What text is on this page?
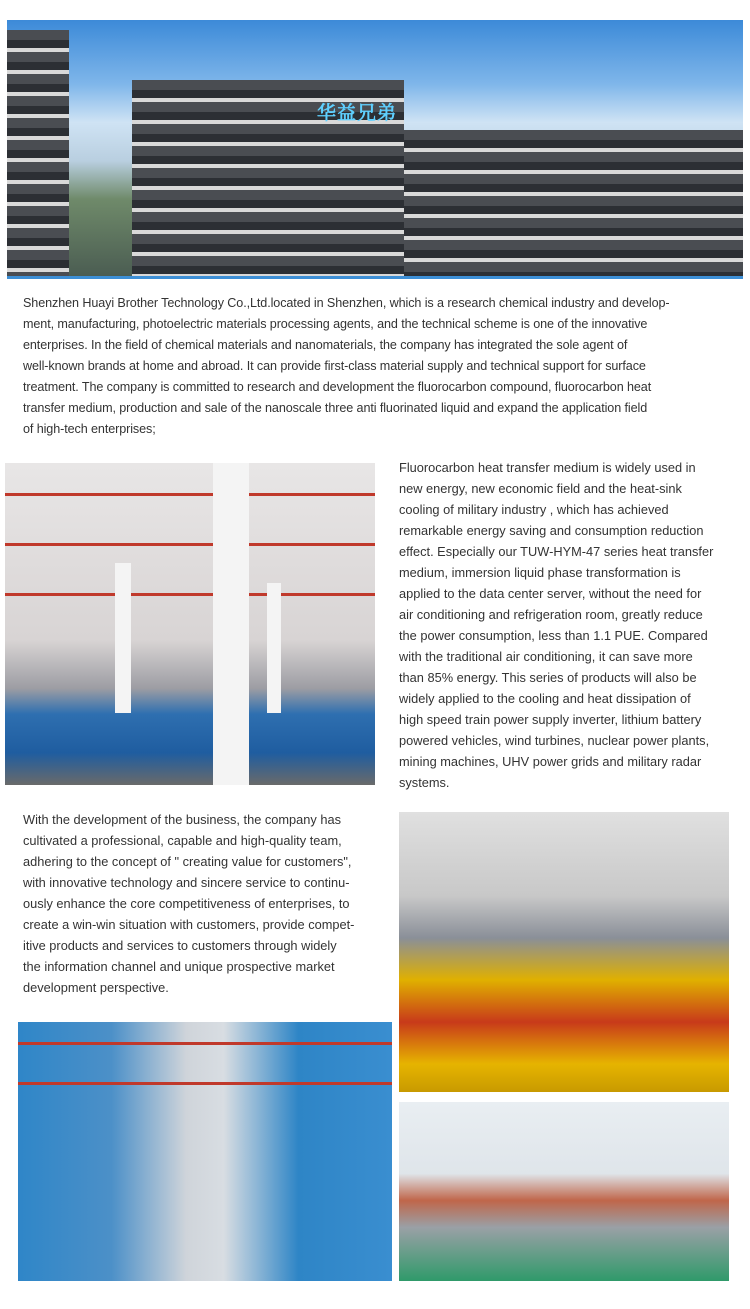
华益兄弟

Shenzhen Huayi Brother Technology Co.,Ltd.located in Shenzhen, which is a research chemical industry and develop-

ment, manufacturing, photoelectric materials processing agents, and the technical scheme is one of the innovative

enterprises. In the field of chemical materials and nanomaterials, the company has integrated the sole agent of

well-known brands at home and abroad. It can provide first-class material supply and technical support for surface

treatment. The company is committed to research and development the fluorocarbon compound, fluorocarbon heat

transfer medium, production and sale of the nanoscale three anti fluorinated liquid and expand the application field

of high-tech enterprises;

Fluorocarbon heat transfer medium is widely used in

new energy, new economic field and the heat-sink

cooling of military industry , which has achieved

remarkable energy saving and consumption reduction

effect. Especially our TUW-HYM-47 series heat transfer

medium, immersion liquid phase transformation is

applied to the data center server, without the need for

air conditioning and refrigeration room, greatly reduce

the power consumption, less than 1.1 PUE. Compared

with the traditional air conditioning, it can save more

than 85% energy. This series of products will also be

widely applied to the cooling and heat dissipation of

high speed train power supply inverter, lithium battery

powered vehicles, wind turbines, nuclear power plants,

mining machines, UHV power grids and military radar

systems.

With the development of the business, the company has

cultivated a professional, capable and high-quality team,

adhering to the concept of " creating value for customers",

with innovative technology and sincere service to continu-

ously enhance the core competitiveness of enterprises, to

create a win-win situation with customers, provide compet-

itive products and services to customers through widely

the information channel and unique prospective market

development perspective.
